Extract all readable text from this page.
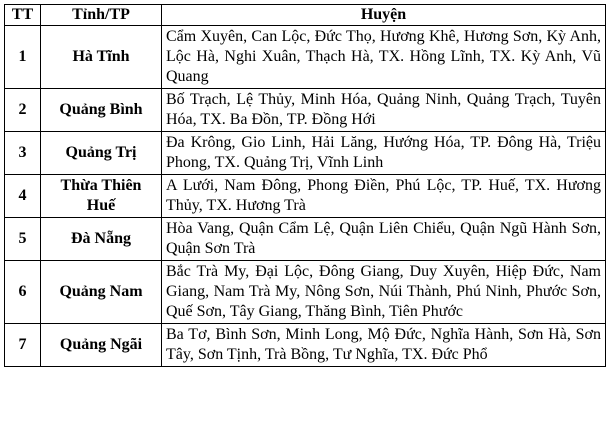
TT	Tỉnh/TP	Huyện
1	Hà Tĩnh	Cẩm Xuyên, Can Lộc, Đức Thọ, Hương Khê, Hương Sơn, Kỳ Anh, Lộc Hà, Nghi Xuân, Thạch Hà, TX. Hồng Lĩnh, TX. Kỳ Anh, Vũ Quang
2	Quảng Bình	Bố Trạch, Lệ Thủy, Minh Hóa, Quảng Ninh, Quảng Trạch, Tuyên Hóa, TX. Ba Đồn, TP. Đồng Hới
3	Quảng Trị	Đa Krông, Gio Linh, Hải Lăng, Hướng Hóa, TP. Đông Hà, Triệu Phong, TX. Quảng Trị, Vĩnh Linh
4	Thừa Thiên Huế	A Lưới, Nam Đông, Phong Điền, Phú Lộc, TP. Huế, TX. Hương Thủy, TX. Hương Trà
5	Đà Nẵng	Hòa Vang, Quận Cẩm Lệ, Quận Liên Chiểu, Quận Ngũ Hành Sơn, Quận Sơn Trà
6	Quảng Nam	Bắc Trà My, Đại Lộc, Đông Giang, Duy Xuyên, Hiệp Đức, Nam Giang, Nam Trà My, Nông Sơn, Núi Thành, Phú Ninh, Phước Sơn, Quế Sơn, Tây Giang, Thăng Bình, Tiên Phước
7	Quảng Ngãi	Ba Tơ, Bình Sơn, Minh Long, Mộ Đức, Nghĩa Hành, Sơn Hà, Sơn Tây, Sơn Tịnh, Trà Bồng, Tư Nghĩa, TX. Đức Phổ
